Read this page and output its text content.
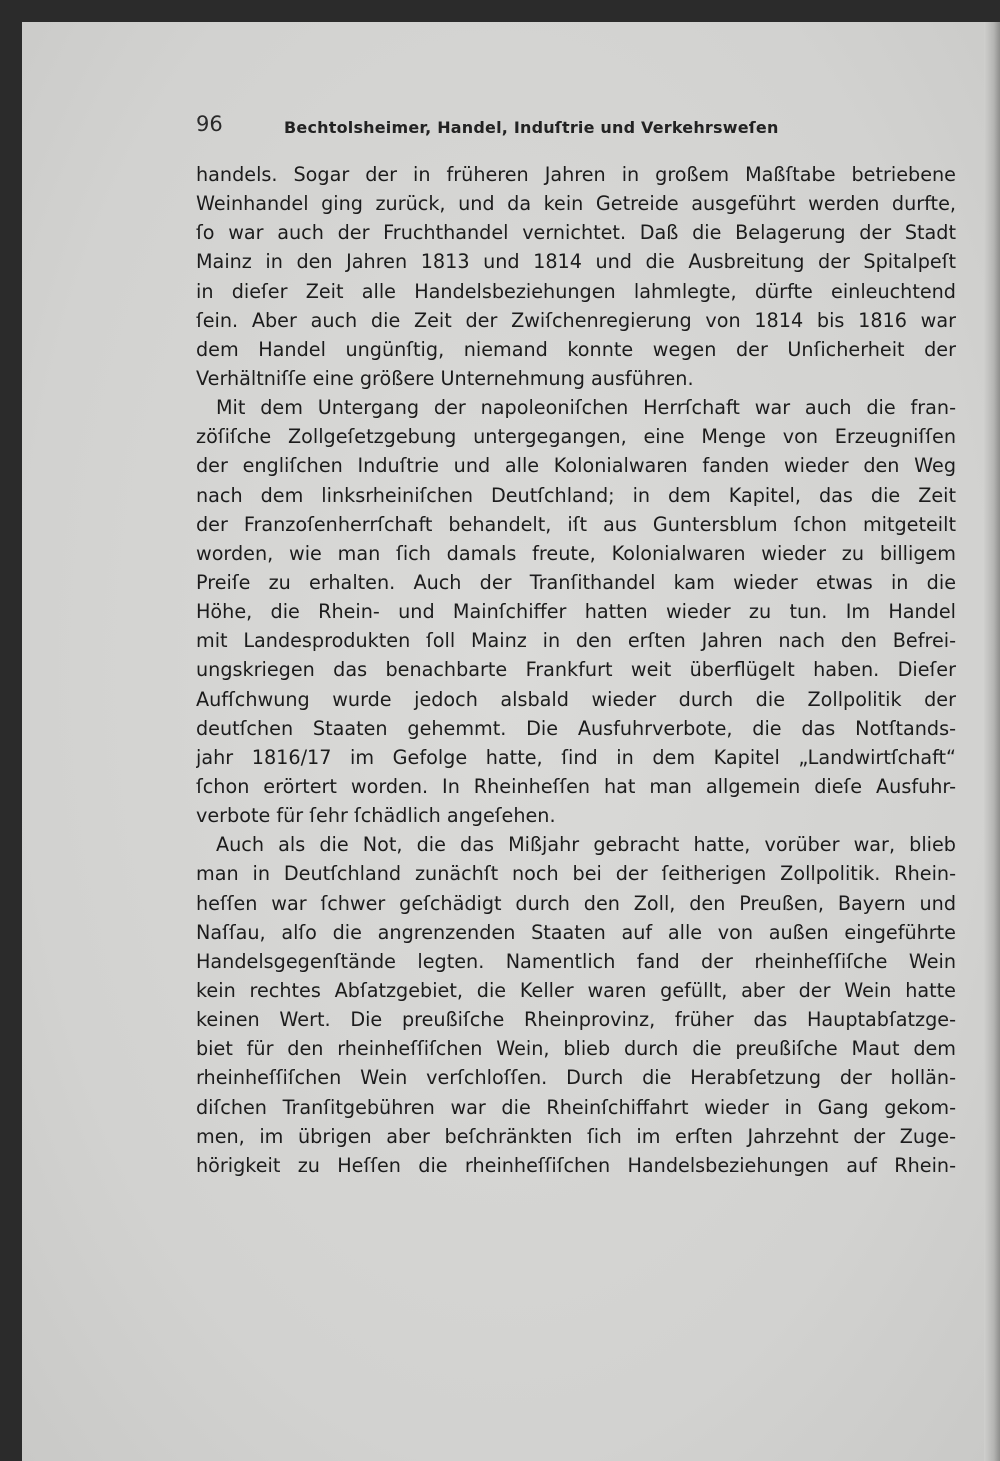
96	Bechtolsheimer, Handel, Induſtrie und Verkehrsweſen
handels. Sogar der in früheren Jahren in großem Maßſtabe betriebene
Weinhandel ging zurück, und da kein Getreide ausgeführt werden durfte,
ſo war auch der Fruchthandel vernichtet. Daß die Belagerung der Stadt
Mainz in den Jahren 1813 und 1814 und die Ausbreitung der Spitalpeſt
in dieſer Zeit alle Handelsbeziehungen lahmlegte, dürfte einleuchtend
ſein. Aber auch die Zeit der Zwiſchenregierung von 1814 bis 1816 war
dem Handel ungünſtig, niemand konnte wegen der Unſicherheit der
Verhältniſſe eine größere Unternehmung ausführen.
Mit dem Untergang der napoleoniſchen Herrſchaft war auch die fran-
zöſiſche Zollgeſetzgebung untergegangen, eine Menge von Erzeugniſſen
der engliſchen Induſtrie und alle Kolonialwaren fanden wieder den Weg
nach dem linksrheiniſchen Deutſchland; in dem Kapitel, das die Zeit
der Franzoſenherrſchaft behandelt, iſt aus Guntersblum ſchon mitgeteilt
worden, wie man ſich damals freute, Kolonialwaren wieder zu billigem
Preiſe zu erhalten. Auch der Tranſithandel kam wieder etwas in die
Höhe, die Rhein- und Mainſchiffer hatten wieder zu tun. Im Handel
mit Landesprodukten ſoll Mainz in den erſten Jahren nach den Befrei-
ungskriegen das benachbarte Frankfurt weit überflügelt haben. Dieſer
Aufſchwung wurde jedoch alsbald wieder durch die Zollpolitik der
deutſchen Staaten gehemmt. Die Ausfuhrverbote, die das Notſtands-
jahr 1816/17 im Gefolge hatte, ſind in dem Kapitel „Landwirtſchaft“
ſchon erörtert worden. In Rheinheſſen hat man allgemein dieſe Ausfuhr-
verbote für ſehr ſchädlich angeſehen.
Auch als die Not, die das Mißjahr gebracht hatte, vorüber war, blieb
man in Deutſchland zunächſt noch bei der ſeitherigen Zollpolitik. Rhein-
heſſen war ſchwer geſchädigt durch den Zoll, den Preußen, Bayern und
Naſſau, alſo die angrenzenden Staaten auf alle von außen eingeführte
Handelsgegenſtände legten. Namentlich fand der rheinheſſiſche Wein
kein rechtes Abſatzgebiet, die Keller waren gefüllt, aber der Wein hatte
keinen Wert. Die preußiſche Rheinprovinz, früher das Hauptabſatzge-
biet für den rheinheſſiſchen Wein, blieb durch die preußiſche Maut dem
rheinheſſiſchen Wein verſchloſſen. Durch die Herabſetzung der hollän-
diſchen Tranſitgebühren war die Rheinſchiffahrt wieder in Gang gekom-
men, im übrigen aber beſchränkten ſich im erſten Jahrzehnt der Zuge-
hörigkeit zu Heſſen die rheinheſſiſchen Handelsbeziehungen auf Rhein-
